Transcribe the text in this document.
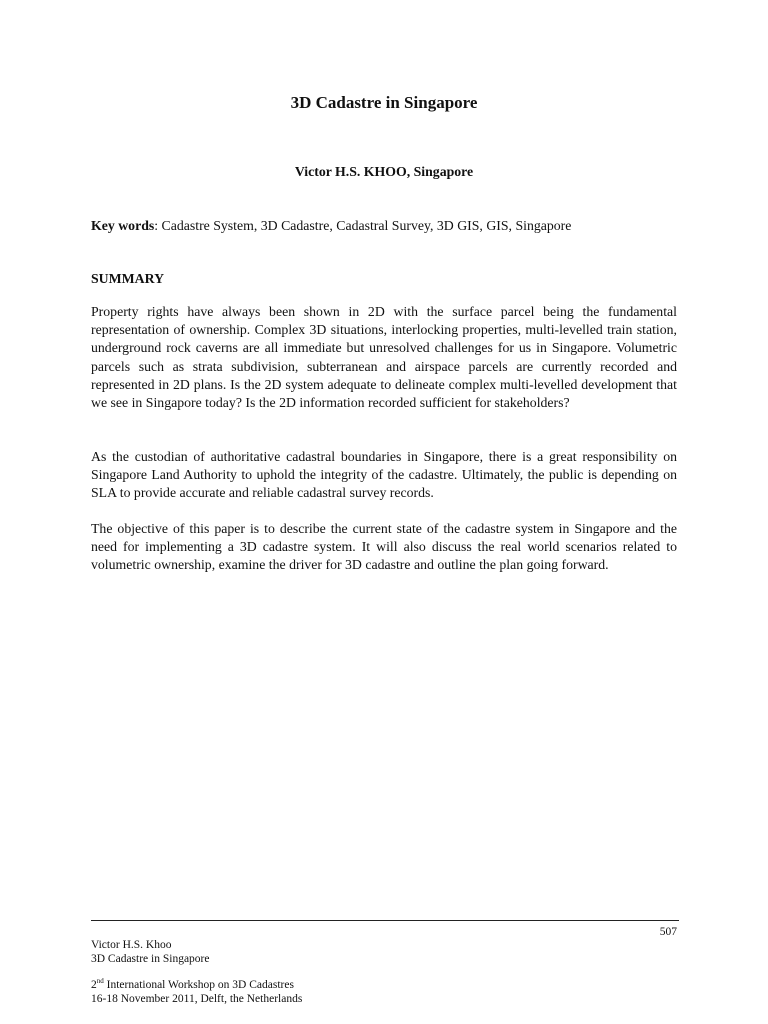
3D Cadastre in Singapore
Victor H.S. KHOO, Singapore
Key words: Cadastre System, 3D Cadastre, Cadastral Survey, 3D GIS, GIS, Singapore
SUMMARY

Property rights have always been shown in 2D with the surface parcel being the fundamental representation of ownership. Complex 3D situations, interlocking properties, multi-levelled train station, underground rock caverns are all immediate but unresolved challenges for us in Singapore. Volumetric parcels such as strata subdivision, subterranean and airspace parcels are currently recorded and represented in 2D plans. Is the 2D system adequate to delineate complex multi-levelled development that we see in Singapore today? Is the 2D information recorded sufficient for stakeholders?

As the custodian of authoritative cadastral boundaries in Singapore, there is a great responsibility on Singapore Land Authority to uphold the integrity of the cadastre. Ultimately, the public is depending on SLA to provide accurate and reliable cadastral survey records.

The objective of this paper is to describe the current state of the cadastre system in Singapore and the need for implementing a 3D cadastre system. It will also discuss the real world scenarios related to volumetric ownership, examine the driver for 3D cadastre and outline the plan going forward.

507
Victor H.S. Khoo
3D Cadastre in Singapore
2nd International Workshop on 3D Cadastres
16-18 November 2011, Delft, the Netherlands
